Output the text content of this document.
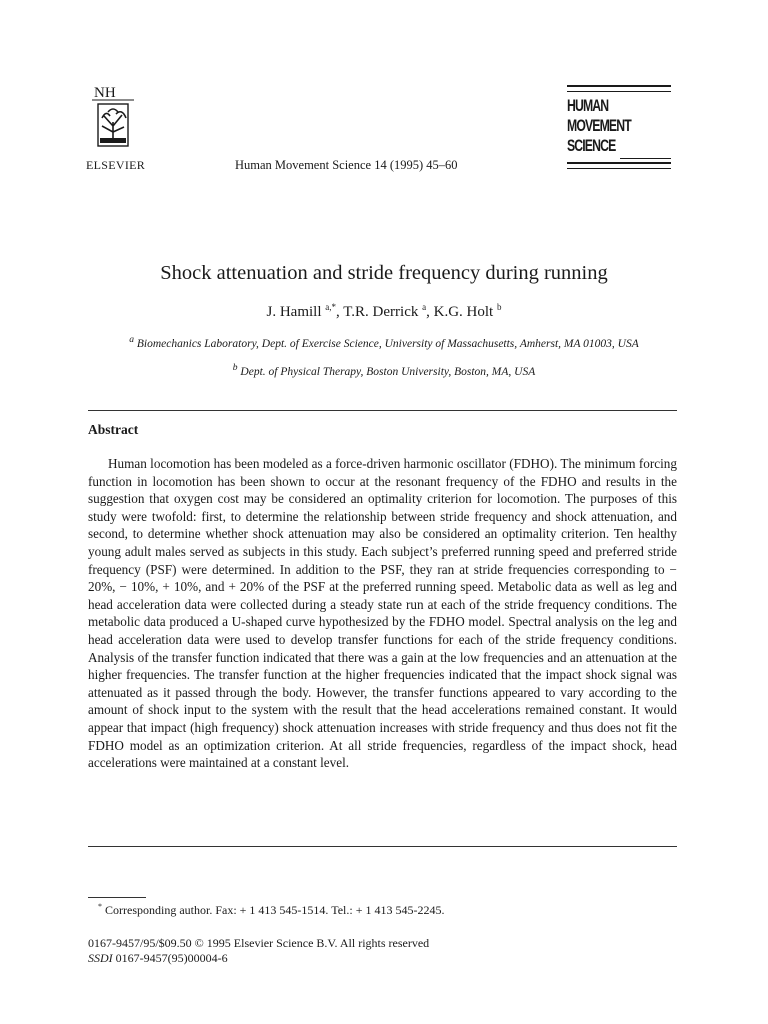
NH
ELSEVIER	Human Movement Science 14 (1995) 45–60
HUMAN
MOVEMENT
SCIENCE
Shock attenuation and stride frequency during running
J. Hamill $^{a,*}$, T.R. Derrick $^a$, K.G. Holt $^b$
$^a$ Biomechanics Laboratory, Dept. of Exercise Science, University of Massachusetts, Amherst, MA 01003, USA
$^b$ Dept. of Physical Therapy, Boston University, Boston, MA, USA
Abstract
Human locomotion has been modeled as a force-driven harmonic oscillator (FDHO). The minimum forcing function in locomotion has been shown to occur at the resonant frequency of the FDHO and results in the suggestion that oxygen cost may be considered an optimality criterion for locomotion. The purposes of this study were twofold: first, to determine the relationship between stride frequency and shock attenuation, and second, to determine whether shock attenuation may also be considered an optimality criterion. Ten healthy young adult males served as subjects in this study. Each subject’s preferred running speed and preferred stride frequency (PSF) were determined. In addition to the PSF, they ran at stride frequencies corresponding to − 20%, − 10%, + 10%, and + 20% of the PSF at the preferred running speed. Metabolic data as well as leg and head acceleration data were collected during a steady state run at each of the stride frequency conditions. The metabolic data produced a U-shaped curve hypothesized by the FDHO model. Spectral analysis on the leg and head acceleration data were used to develop transfer functions for each of the stride frequency conditions. Analysis of the transfer function indicated that there was a gain at the low frequencies and an attenuation at the higher frequencies. The transfer function at the higher frequencies indicated that the impact shock signal was attenuated as it passed through the body. However, the transfer functions appeared to vary according to the amount of shock input to the system with the result that the head accelerations remained constant. It would appear that impact (high frequency) shock attenuation increases with stride frequency and thus does not fit the FDHO model as an optimization criterion. At all stride frequencies, regardless of the impact shock, head accelerations were maintained at a constant level.
* Corresponding author. Fax: + 1 413 545-1514. Tel.: + 1 413 545-2245.
0167-9457/95/$09.50 © 1995 Elsevier Science B.V. All rights reserved
SSDI 0167-9457(95)00004-6
